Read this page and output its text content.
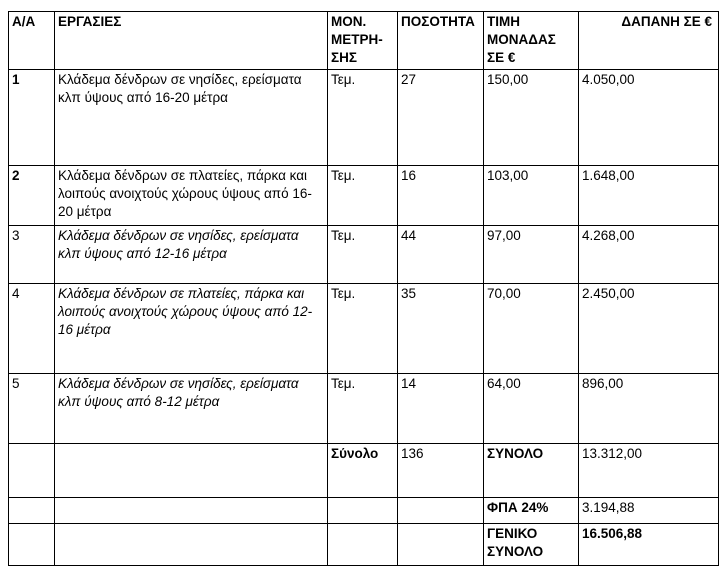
Α/Α	ΕΡΓΑΣΙΕΣ	ΜΟΝ. ΜΕΤΡΗ-ΣΗΣ	ΠΟΣΟΤΗΤΑ	ΤΙΜΗ ΜΟΝΑΔΑΣ ΣΕ €	ΔΑΠΑΝΗ ΣΕ €
1	Κλάδεμα δένδρων σε νησίδες, ερείσματα κλπ ύψους από 16-20 μέτρα	Τεμ.	27	150,00	4.050,00
2	Κλάδεμα δένδρων σε πλατείες, πάρκα και λοιπούς ανοιχτούς χώρους ύψους από 16-20 μέτρα	Τεμ.	16	103,00	1.648,00
3	Κλάδεμα δένδρων σε νησίδες, ερείσματα κλπ ύψους από 12-16 μέτρα	Τεμ.	44	97,00	4.268,00
4	Κλάδεμα δένδρων σε πλατείες, πάρκα και λοιπούς ανοιχτούς χώρους ύψους από 12-16 μέτρα	Τεμ.	35	70,00	2.450,00
5	Κλάδεμα δένδρων σε νησίδες, ερείσματα κλπ ύψους από 8-12 μέτρα	Τεμ.	14	64,00	896,00
		Σύνολο	136	ΣΥΝΟΛΟ	13.312,00
				ΦΠΑ 24%	3.194,88
				ΓΕΝΙΚΟ ΣΥΝΟΛΟ	16.506,88
